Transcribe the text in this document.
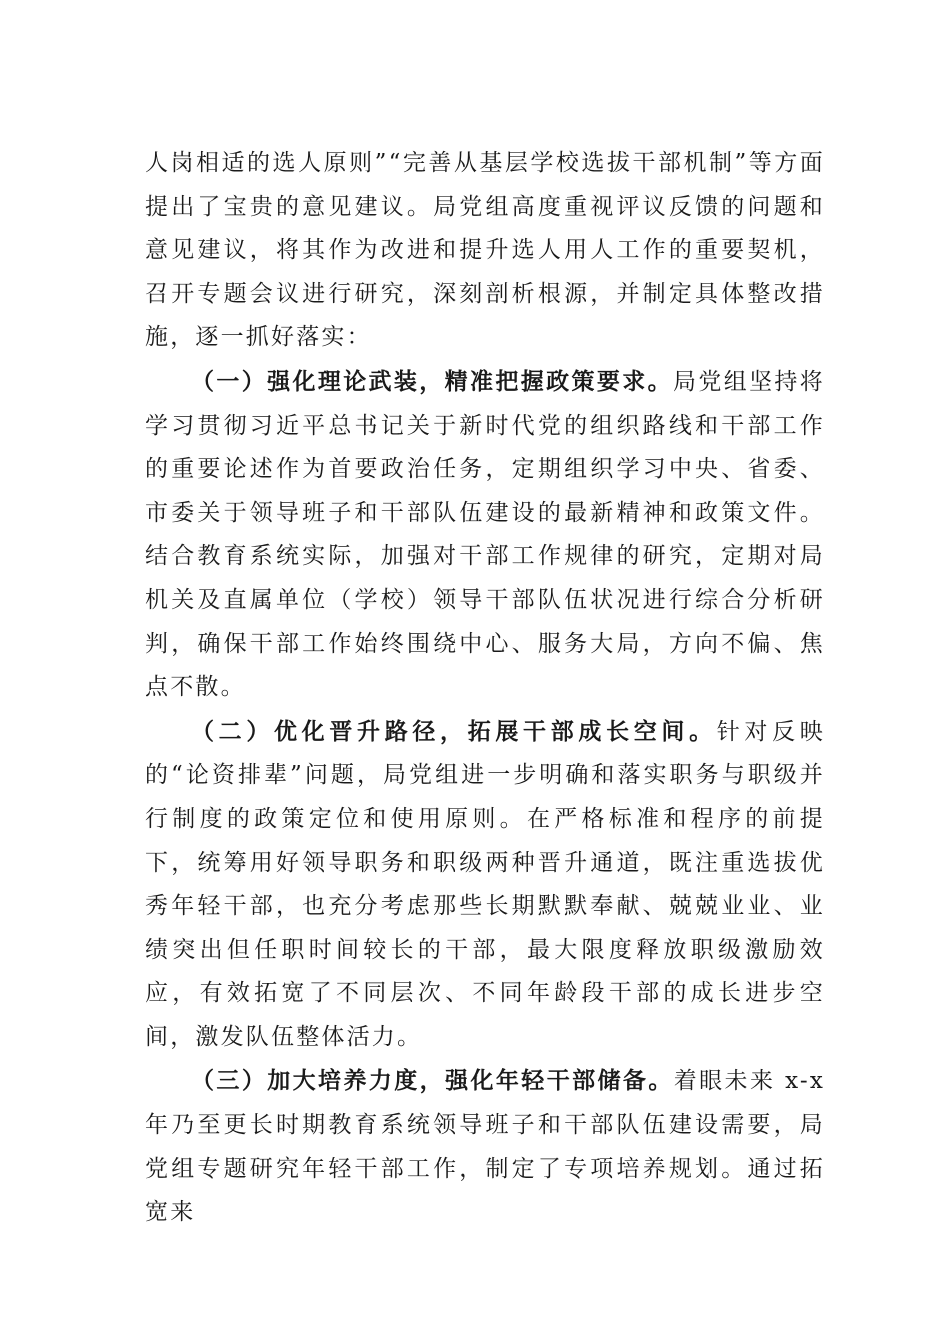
人岗相适的选人原则”“完善从基层学校选拔干部机制”等方面提出了宝贵的意见建议。局党组高度重视评议反馈的问题和意见建议，将其作为改进和提升选人用人工作的重要契机，召开专题会议进行研究，深刻剖析根源，并制定具体整改措施，逐一抓好落实：

（一）强化理论武装，精准把握政策要求。局党组坚持将学习贯彻习近平总书记关于新时代党的组织路线和干部工作的重要论述作为首要政治任务，定期组织学习中央、省委、市委关于领导班子和干部队伍建设的最新精神和政策文件。结合教育系统实际，加强对干部工作规律的研究，定期对局机关及直属单位（学校）领导干部队伍状况进行综合分析研判，确保干部工作始终围绕中心、服务大局，方向不偏、焦点不散。

（二）优化晋升路径，拓展干部成长空间。针对反映的“论资排辈”问题，局党组进一步明确和落实职务与职级并行制度的政策定位和使用原则。在严格标准和程序的前提下，统筹用好领导职务和职级两种晋升通道，既注重选拔优秀年轻干部，也充分考虑那些长期默默奉献、兢兢业业、业绩突出但任职时间较长的干部，最大限度释放职级激励效应，有效拓宽了不同层次、不同年龄段干部的成长进步空间，激发队伍整体活力。

（三）加大培养力度，强化年轻干部储备。着眼未来 x-x 年乃至更长时期教育系统领导班子和干部队伍建设需要，局党组专题研究年轻干部工作，制定了专项培养规划。通过拓宽来
